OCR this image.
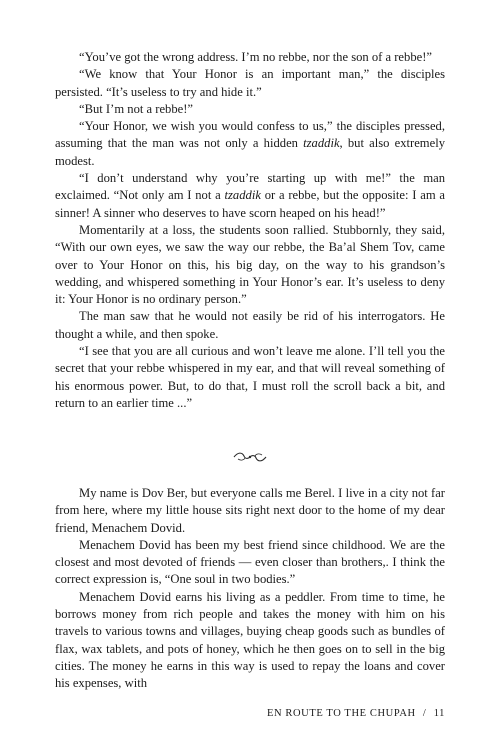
“You’ve got the wrong address. I’m no rebbe, nor the son of a rebbe!”

“We know that Your Honor is an important man,” the disciples persisted. “It’s useless to try and hide it.”

“But I’m not a rebbe!”

“Your Honor, we wish you would confess to us,” the disciples pressed, assuming that the man was not only a hidden tzaddik, but also extremely modest.

“I don’t understand why you’re starting up with me!” the man exclaimed. “Not only am I not a tzaddik or a rebbe, but the opposite: I am a sinner! A sinner who deserves to have scorn heaped on his head!”

Momentarily at a loss, the students soon rallied. Stubbornly, they said, “With our own eyes, we saw the way our rebbe, the Ba’al Shem Tov, came over to Your Honor on this, his big day, on the way to his grandson’s wedding, and whispered something in Your Honor’s ear. It’s useless to deny it: Your Honor is no ordinary person.”

The man saw that he would not easily be rid of his interrogators. He thought a while, and then spoke.

“I see that you are all curious and won’t leave me alone. I’ll tell you the secret that your rebbe whispered in my ear, and that will reveal something of his enormous power. But, to do that, I must roll the scroll back a bit, and return to an earlier time ...”

My name is Dov Ber, but everyone calls me Berel. I live in a city not far from here, where my little house sits right next door to the home of my dear friend, Menachem Dovid.

Menachem Dovid has been my best friend since childhood. We are the closest and most devoted of friends — even closer than brothers,. I think the correct expression is, “One soul in two bodies.”

Menachem Dovid earns his living as a peddler. From time to time, he borrows money from rich people and takes the money with him on his travels to various towns and villages, buying cheap goods such as bundles of flax, wax tablets, and pots of honey, which he then goes on to sell in the big cities. The money he earns in this way is used to repay the loans and cover his expenses, with

EN ROUTE TO THE CHUPAH / 11
